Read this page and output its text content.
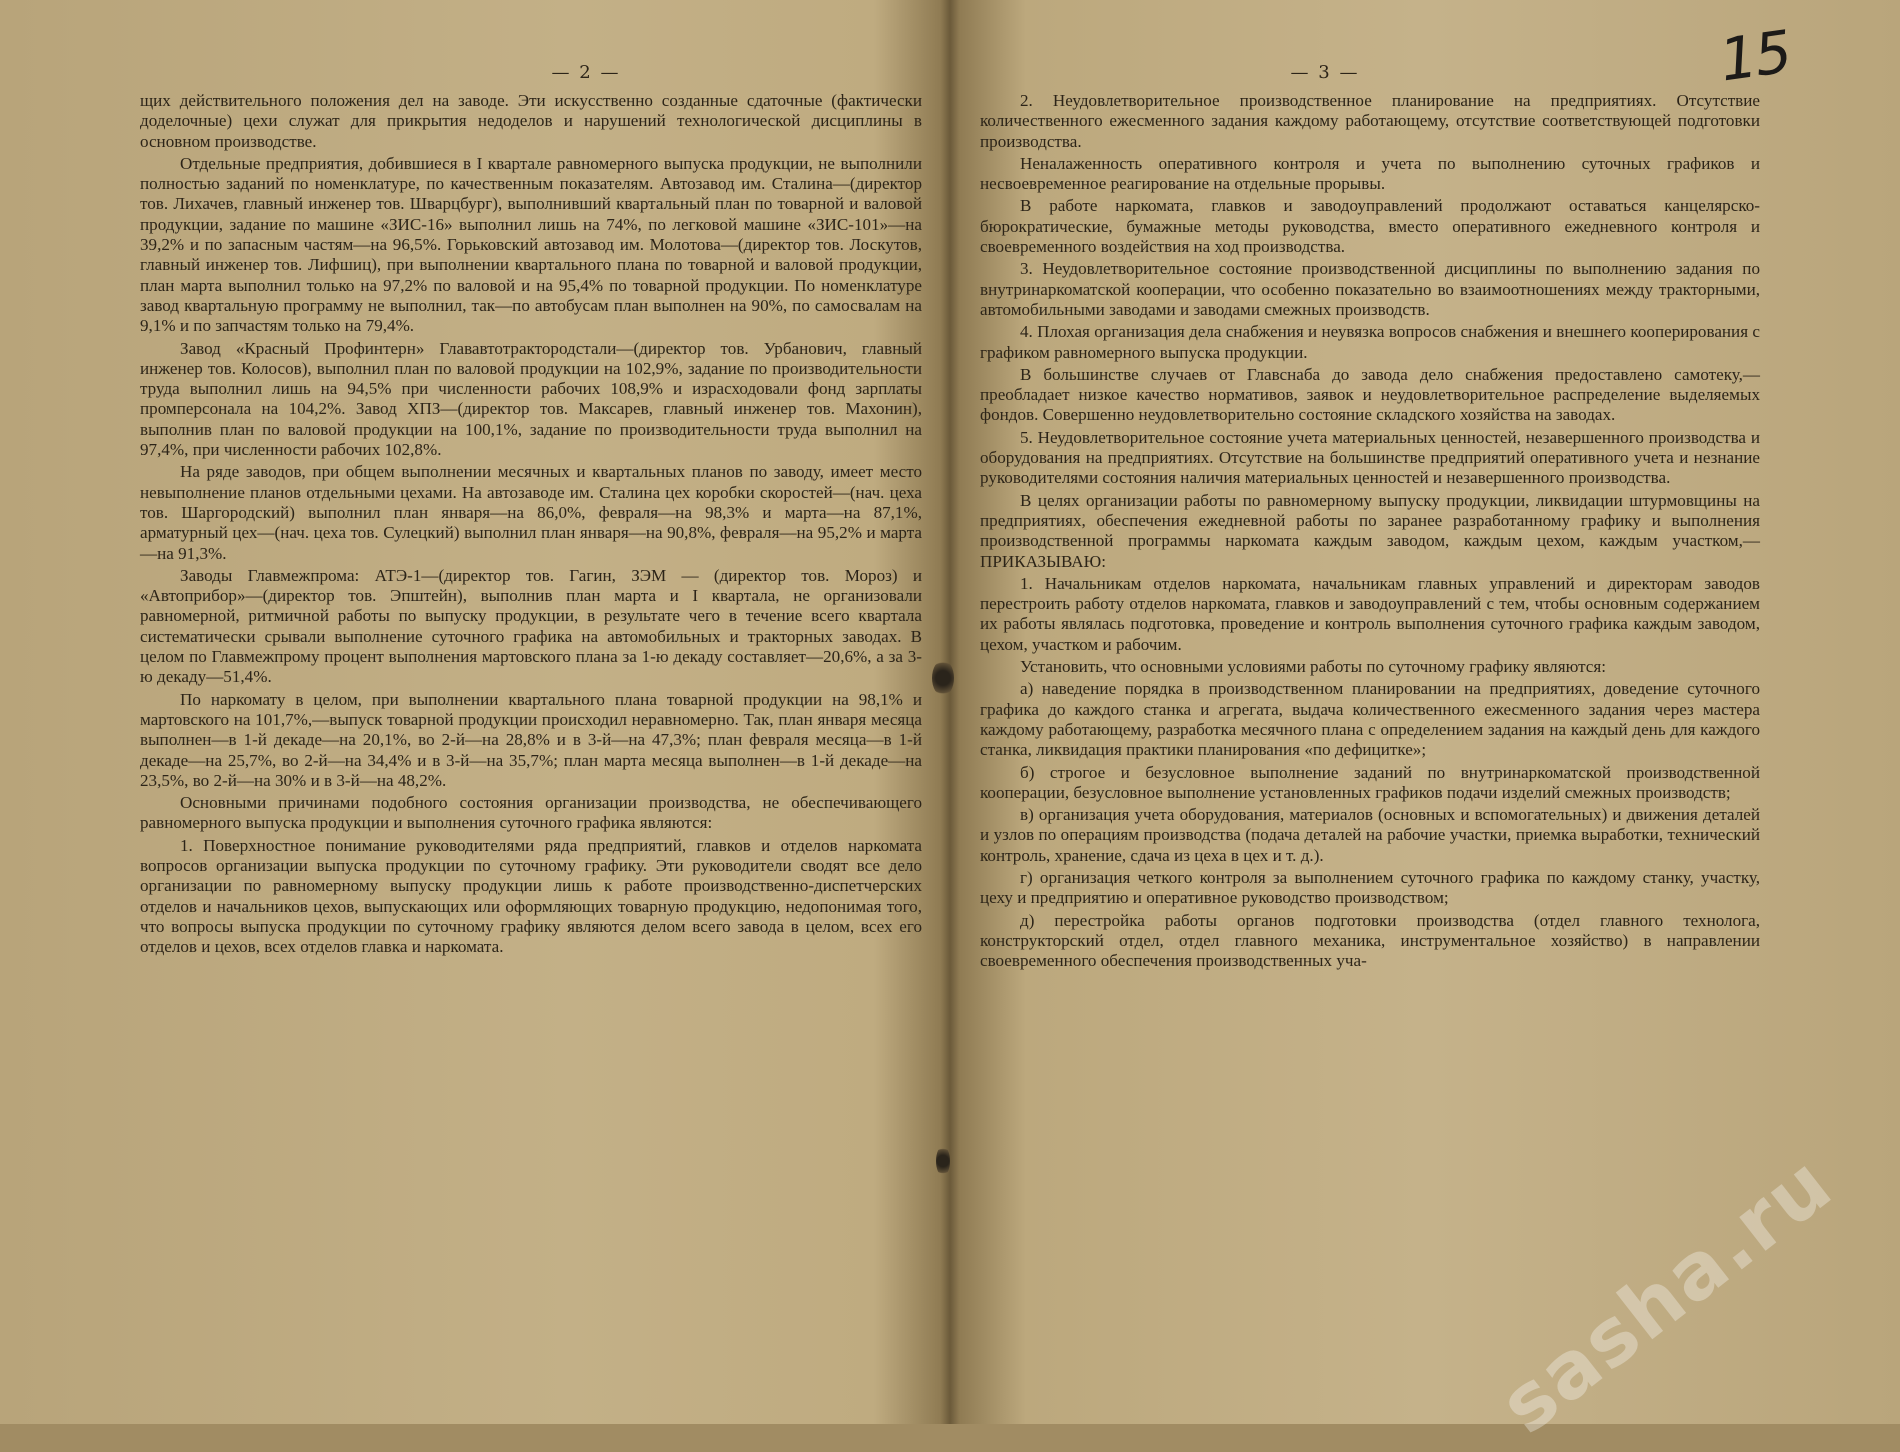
— 2 —

щих действительного положения дел на заводе. Эти искусственно созданные сдаточные (фактически доделочные) цехи служат для прикрытия недоделов и нарушений технологической дисциплины в основном производстве.

Отдельные предприятия, добившиеся в I квартале равномерного выпуска продукции, не выполнили полностью заданий по номенклатуре, по качественным показателям. Автозавод им. Сталина—(директор тов. Лихачев, главный инженер тов. Шварцбург), выполнивший квартальный план по товарной и валовой продукции, задание по машине «ЗИС-16» выполнил лишь на 74%, по легковой машине «ЗИС-101»—на 39,2% и по запасным частям—на 96,5%. Горьковский автозавод им. Молотова—(директор тов. Лоскутов, главный инженер тов. Лифшиц), при выполнении квартального плана по товарной и валовой продукции, план марта выполнил только на 97,2% по валовой и на 95,4% по товарной продукции. По номенклатуре завод квартальную программу не выполнил, так—по автобусам план выполнен на 90%, по самосвалам на 9,1% и по запчастям только на 79,4%.

Завод «Красный Профинтерн» Глававтотрактородстали—(директор тов. Урбанович, главный инженер тов. Колосов), выполнил план по валовой продукции на 102,9%, задание по производительности труда выполнил лишь на 94,5% при численности рабочих 108,9% и израсходовали фонд зарплаты промперсонала на 104,2%. Завод ХПЗ—(директор тов. Максарев, главный инженер тов. Махонин), выполнив план по валовой продукции на 100,1%, задание по производительности труда выполнил на 97,4%, при численности рабочих 102,8%.

На ряде заводов, при общем выполнении месячных и квартальных планов по заводу, имеет место невыполнение планов отдельными цехами. На автозаводе им. Сталина цех коробки скоростей—(нач. цеха тов. Шаргородский) выполнил план января—на 86,0%, февраля—на 98,3% и марта—на 87,1%, арматурный цех—(нач. цеха тов. Сулецкий) выполнил план января—на 90,8%, февраля—на 95,2% и марта—на 91,3%.

Заводы Главмежпрома: АТЭ-1—(директор тов. Гагин, ЗЭМ — (директор тов. Мороз) и «Автоприбор»—(директор тов. Эпштейн), выполнив план марта и I квартала, не организовали равномерной, ритмичной работы по выпуску продукции, в результате чего в течение всего квартала систематически срывали выполнение суточного графика на автомобильных и тракторных заводах. В целом по Главмежпрому процент выполнения мартовского плана за 1-ю декаду составляет—20,6%, а за 3-ю декаду—51,4%.

По наркомату в целом, при выполнении квартального плана товарной продукции на 98,1% и мартовского на 101,7%,—выпуск товарной продукции происходил неравномерно. Так, план января месяца выполнен—в 1-й декаде—на 20,1%, во 2-й—на 28,8% и в 3-й—на 47,3%; план февраля месяца—в 1-й декаде—на 25,7%, во 2-й—на 34,4% и в 3-й—на 35,7%; план марта месяца выполнен—в 1-й декаде—на 23,5%, во 2-й—на 30% и в 3-й—на 48,2%.

Основными причинами подобного состояния организации производства, не обеспечивающего равномерного выпуска продукции и выполнения суточного графика являются:

1. Поверхностное понимание руководителями ряда предприятий, главков и отделов наркомата вопросов организации выпуска продукции по суточному графику. Эти руководители сводят все дело организации по равномерному выпуску продукции лишь к работе производственно-диспетчерских отделов и начальников цехов, выпускающих или оформляющих товарную продукцию, недопонимая того, что вопросы выпуска продукции по суточному графику являются делом всего завода в целом, всех его отделов и цехов, всех отделов главка и наркомата.

— 3 —

2. Неудовлетворительное производственное планирование на предприятиях. Отсутствие количественного ежесменного задания каждому работающему, отсутствие соответствующей подготовки производства.

Неналаженность оперативного контроля и учета по выполнению суточных графиков и несвоевременное реагирование на отдельные прорывы.

В работе наркомата, главков и заводоуправлений продолжают оставаться канцелярско-бюрократические, бумажные методы руководства, вместо оперативного ежедневного контроля и своевременного воздействия на ход производства.

3. Неудовлетворительное состояние производственной дисциплины по выполнению задания по внутринаркоматской кооперации, что особенно показательно во взаимоотношениях между тракторными, автомобильными заводами и заводами смежных производств.

4. Плохая организация дела снабжения и неувязка вопросов снабжения и внешнего кооперирования с графиком равномерного выпуска продукции.

В большинстве случаев от Главснаба до завода дело снабжения предоставлено самотеку,—преобладает низкое качество нормативов, заявок и неудовлетворительное распределение выделяемых фондов. Совершенно неудовлетворительно состояние складского хозяйства на заводах.

5. Неудовлетворительное состояние учета материальных ценностей, незавершенного производства и оборудования на предприятиях. Отсутствие на большинстве предприятий оперативного учета и незнание руководителями состояния наличия материальных ценностей и незавершенного производства.

В целях организации работы по равномерному выпуску продукции, ликвидации штурмовщины на предприятиях, обеспечения ежедневной работы по заранее разработанному графику и выполнения производственной программы наркомата каждым заводом, каждым цехом, каждым участком,—ПРИКАЗЫВАЮ:

1. Начальникам отделов наркомата, начальникам главных управлений и директорам заводов перестроить работу отделов наркомата, главков и заводоуправлений с тем, чтобы основным содержанием их работы являлась подготовка, проведение и контроль выполнения суточного графика каждым заводом, цехом, участком и рабочим.

Установить, что основными условиями работы по суточному графику являются:

а) наведение порядка в производственном планировании на предприятиях, доведение суточного графика до каждого станка и агрегата, выдача количественного ежесменного задания через мастера каждому работающему, разработка месячного плана с определением задания на каждый день для каждого станка, ликвидация практики планирования «по дефицитке»;

б) строгое и безусловное выполнение заданий по внутринаркоматской производственной кооперации, безусловное выполнение установленных графиков подачи изделий смежных производств;

в) организация учета оборудования, материалов (основных и вспомогательных) и движения деталей и узлов по операциям производства (подача деталей на рабочие участки, приемка выработки, технический контроль, хранение, сдача из цеха в цех и т. д.).

г) организация четкого контроля за выполнением суточного графика по каждому станку, участку, цеху и предприятию и оперативное руководство производством;

д) перестройка работы органов подготовки производства (отдел главного технолога, конструкторский отдел, отдел главного механика, инструментальное хозяйство) в направлении своевременного обеспечения производственных уча-

15
sasha.ru
